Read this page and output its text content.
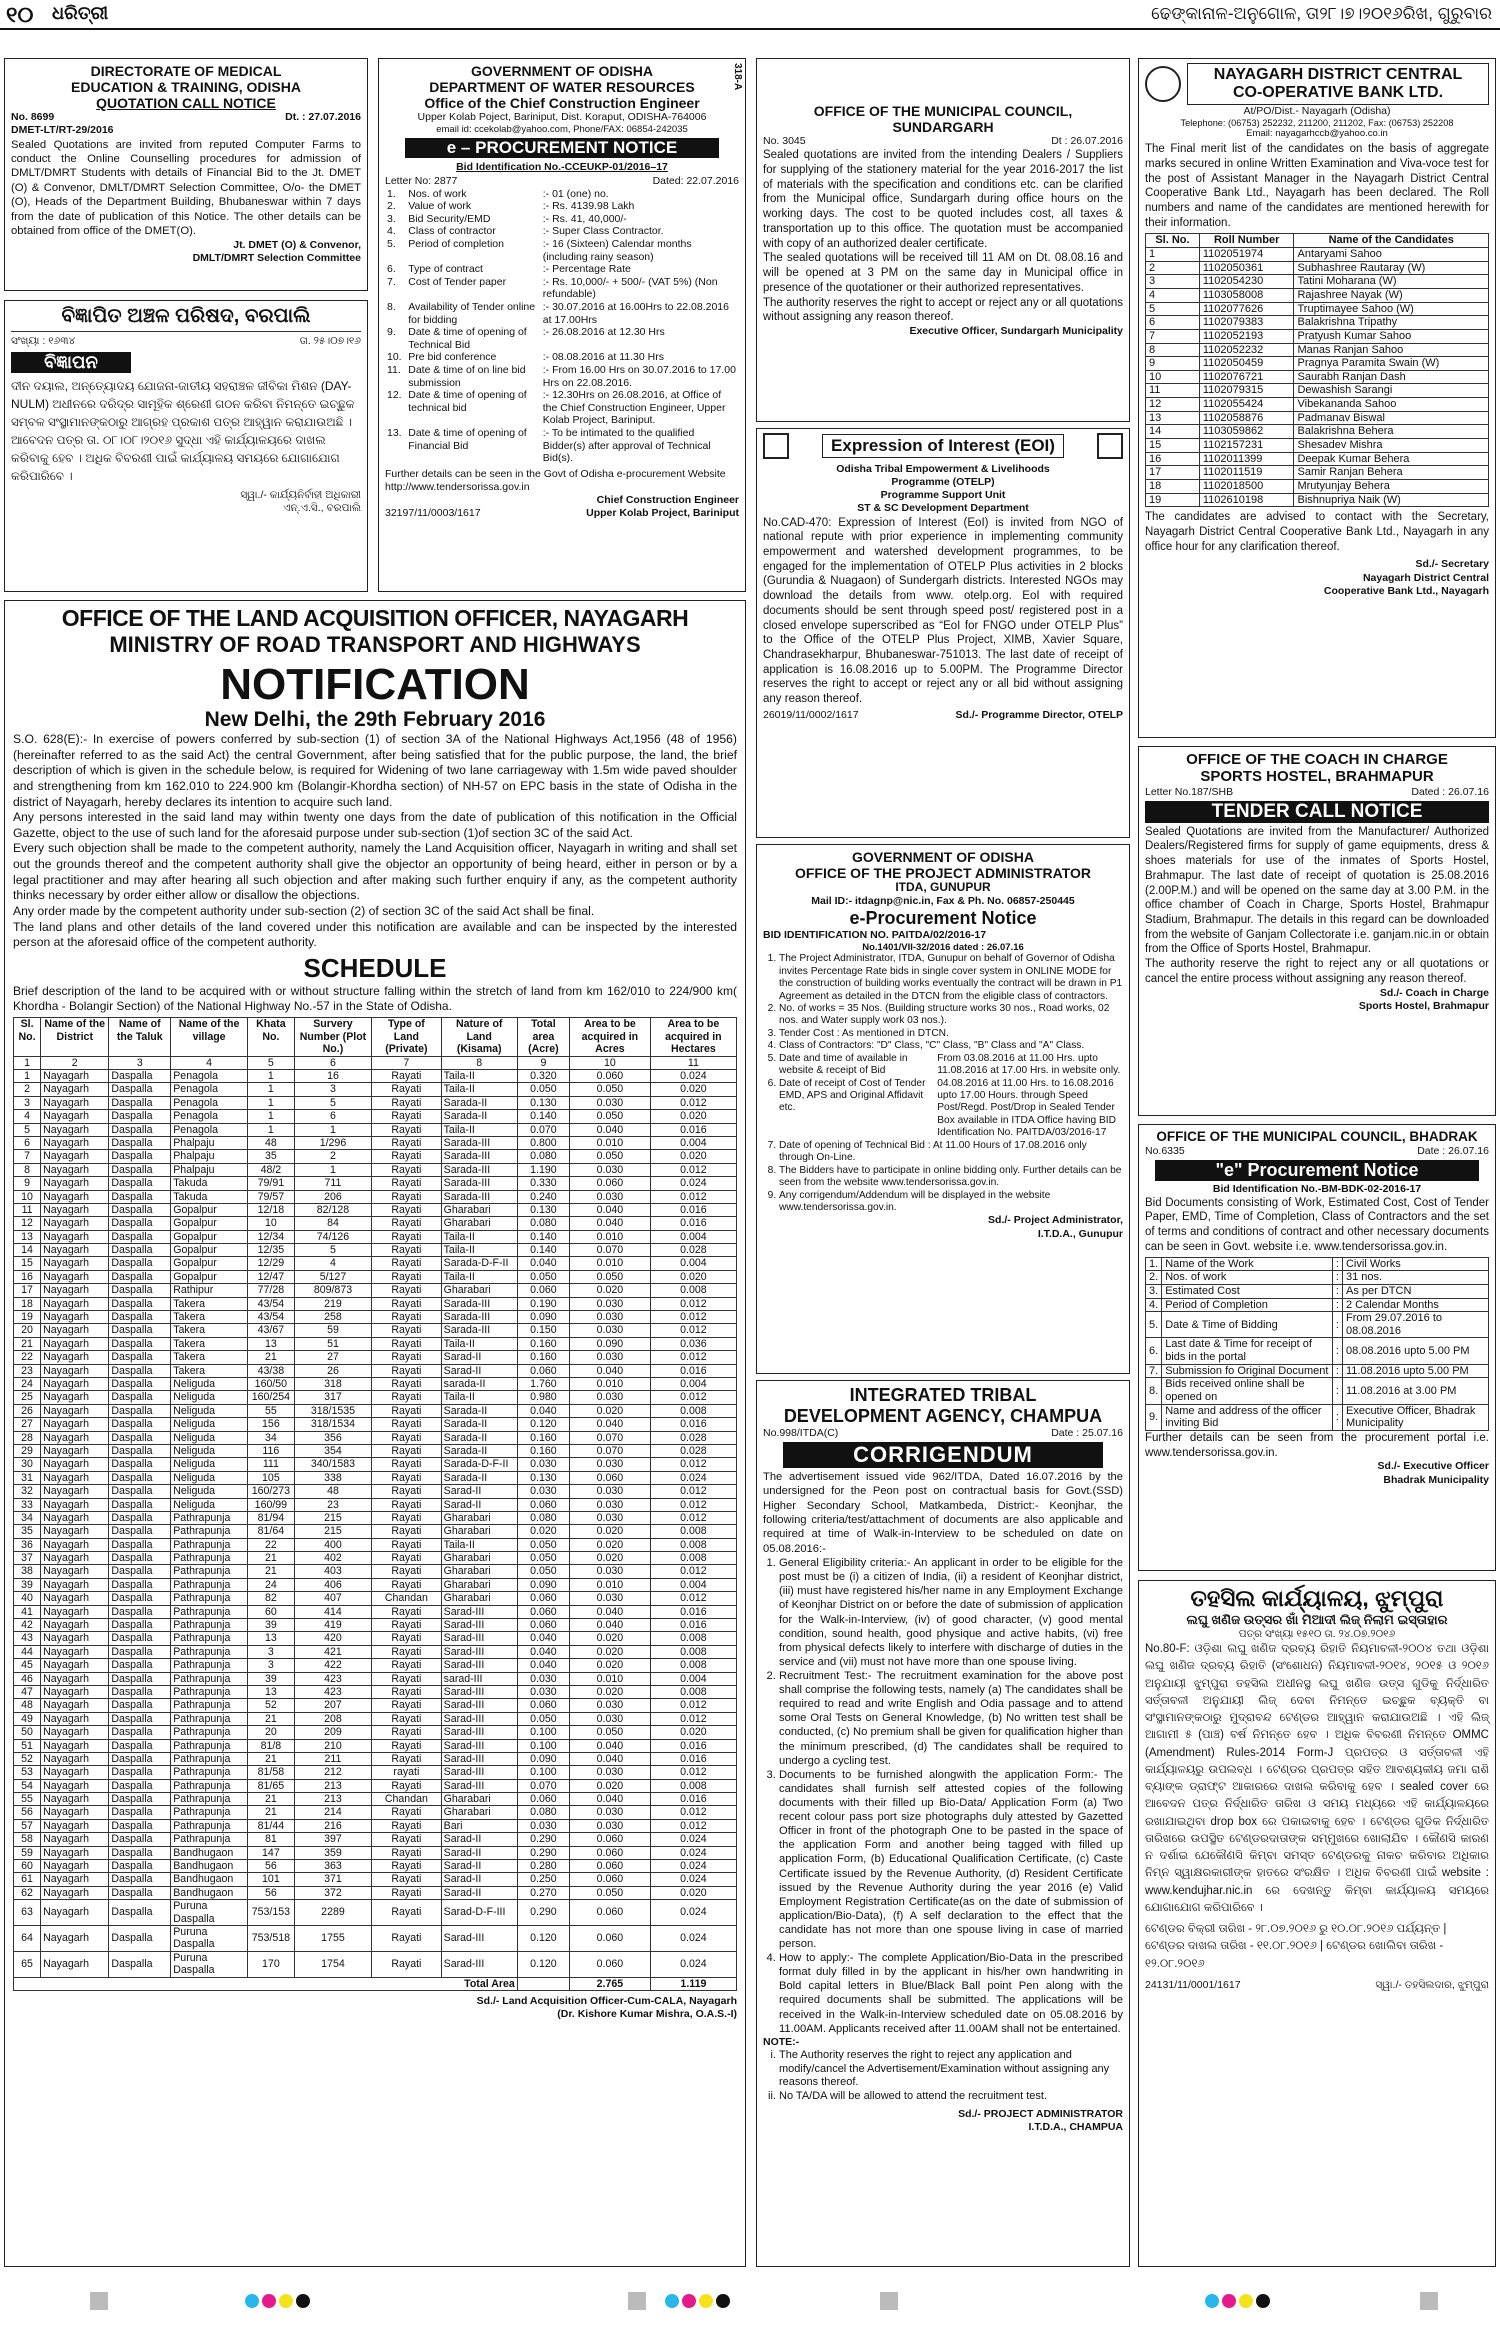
୧୦ ଧରିତ୍ରୀ	ଢେଙ୍କାନାଳ-ଅନୁଗୋଳ, ତା୨୮।୭।୨୦୧୬ରିଖ, ଗୁରୁବାର
DIRECTORATE OF MEDICAL
EDUCATION & TRAINING, ODISHA
QUOTATION CALL NOTICE
No. 8699	Dt. : 27.07.2016
DMET-LT/RT-29/2016
Sealed Quotations are invited from reputed Computer Farms to conduct the Online Counselling procedures for admission of DMLT/DMRT Students with details of Financial Bid to the Jt. DMET (O) & Convenor, DMLT/DMRT Selection Committee, O/o- the DMET (O), Heads of the Department Building, Bhubaneswar within 7 days from the date of publication of this Notice. The other details can be obtained from office of the DMET(O).
Jt. DMET (O) & Convenor,
DMLT/DMRT Selection Committee
ବିଜ୍ଞାପିତ ଅଞ୍ଚଳ ପରିଷଦ, ବରପାଲି
ସଂଖ୍ୟା : ୧୬୩୪	ତା. ୨୫।୦୭।୧୬
ବିଜ୍ଞାପନ
ଦୀନ ଦୟାଲ, ଅନ୍ତ୍ୟୋଦୟ ଯୋଜନା-ଜାତୀୟ ସହରାଞ୍ଚଳ ଜୀବିକା ମିଶନ (DAY-NULM) ଅଧୀନରେ ଦରିଦ୍ର ସାମୂହିକ ଶ୍ରେଣୀ ଗଠନ କରିବା ନିମନ୍ତେ ଇଚ୍ଛୁକ ସମ୍ବଳ ସଂସ୍ଥାମାନଙ୍କଠାରୁ ଆଗ୍ରହ ପ୍ରକାଶ ପତ୍ର ଆହ୍ୱାନ କରାଯାଉଅଛି । ଆବେଦନ ପତ୍ର ତା. ୦୮।୦୮।୨୦୧୬ ସୁଦ୍ଧା ଏହି କାର୍ଯ୍ୟାଳୟରେ ଦାଖଲ କରିବାକୁ ହେବ । ଅଧିକ ବିବରଣୀ ପାଇଁ କାର୍ଯ୍ୟାଳୟ ସମୟରେ ଯୋଗାଯୋଗ କରିପାରିବେ ।
ସ୍ୱା./- କାର୍ଯ୍ୟନିର୍ବାହୀ ଅଧିକାରୀ
ଏନ୍.ଏ.ସି., ବରପାଲି
318-A
GOVERNMENT OF ODISHA
DEPARTMENT OF WATER RESOURCES
Office of the Chief Construction Engineer
Upper Kolab Poject, Bariniput, Dist. Koraput, ODISHA-764006
email id: ccekolab@yahoo.com, Phone/FAX: 06854-242035
e – PROCUREMENT NOTICE
Bid Identification No.-CCEUKP-01/2016–17
Letter No: 2877	Dated: 22.07.2016
1.	Nos. of work	:- 01 (one) no.
2.	Value of work	:- Rs. 4139.98 Lakh
3.	Bid Security/EMD	:- Rs. 41, 40,000/-
4.	Class of contractor	:- Super Class Contractor.
5.	Period of completion	:- 16 (Sixteen) Calendar months (including rainy season)
6.	Type of contract	:- Percentage Rate
7.	Cost of Tender paper	:- Rs. 10,000/- + 500/- (VAT 5%) (Non refundable)
8.	Availability of Tender online for bidding	:- 30.07.2016 at 16.00Hrs to 22.08.2016 at 17.00Hrs
9.	Date & time of opening of Technical Bid	:- 26.08.2016 at 12.30 Hrs
10.	Pre bid conference	:- 08.08.2016 at 11.30 Hrs
11.	Date & time of on line bid submission	:- From 16.00 Hrs on 30.07.2016 to 17.00 Hrs on 22.08.2016.
12.	Date & time of opening of technical bid	:- 12.30Hrs on 26.08.2016, at Office of the Chief Construction Engineer, Upper Kolab Project, Bariniput.
13.	Date & time of opening of Financial Bid	:- To be intimated to the qualified Bidder(s) after approval of Technical Bid(s).
Further details can be seen in the Govt of Odisha e-procurement Website http://www.tendersorissa.gov.in
Chief Construction Engineer
32197/11/0003/1617	Upper Kolab Project, Bariniput
OFFICE OF THE MUNICIPAL COUNCIL, SUNDARGARH
No. 3045	Dt : 26.07.2016
Sealed quotations are invited from the intending Dealers / Suppliers for supplying of the stationery material for the year 2016-2017 the list of materials with the specification and conditions etc. can be clarified from the Municipal office, Sundargarh during office hours on the working days. The cost to be quoted includes cost, all taxes & transportation up to this office. The quotation must be accompanied with copy of an authorized dealer certificate.
The sealed quotations will be received till 11 AM on Dt. 08.08.16 and will be opened at 3 PM on the same day in Municipal office in presence of the quotationer or their authorized representatives.
The authority reserves the right to accept or reject any or all quotations without assigning any reason thereof.
Executive Officer, Sundargarh Municipality
Expression of Interest (EOI)
Odisha Tribal Empowerment & Livelihoods
Programme (OTELP)
Programme Support Unit
ST & SC Development Department
No.CAD-470: Expression of Interest (EoI) is invited from NGO of national repute with prior experience in implementing community empowerment and watershed development programmes, to be engaged for the implementation of OTELP Plus activities in 2 blocks (Gurundia & Nuagaon) of Sundergarh districts. Interested NGOs may download the details from www. otelp.org. EoI with required documents should be sent through speed post/ registered post in a closed envelope superscribed as “EoI for FNGO under OTELP Plus” to the Office of the OTELP Plus Project, XIMB, Xavier Square, Chandrasekharpur, Bhubaneswar-751013. The last date of receipt of application is 16.08.2016 up to 5.00PM. The Programme Director reserves the right to accept or reject any or all bid without assigning any reason thereof.
26019/11/0002/1617	Sd./- Programme Director, OTELP
GOVERNMENT OF ODISHA
OFFICE OF THE PROJECT ADMINISTRATOR
ITDA, GUNUPUR
Mail ID:- itdagnp@nic.in, Fax & Ph. No. 06857-250445
e-Procurement Notice
BID IDENTIFICATION NO. PAITDA/02/2016-17
No.1401/VII-32/2016 dated : 26.07.16
1. The Project Administrator, ITDA, Gunupur on behalf of Governor of Odisha invites Percentage Rate bids in single cover system in ONLINE MODE for the construction of building works eventually the contract will be drawn in P1 Agreement as detailed in the DTCN from the eligible class of contractors.
2. No. of works = 35 Nos. (Building structure works 30 nos., Road works, 02 nos. and Water supply work 03 nos.).
3. Tender Cost : As mentioned in DTCN.
4. Class of Contractors: "D" Class, "C" Class, "B" Class and "A" Class.
5. Date and time of available in website & receipt of Bid
From 03.08.2016 at 11.00 Hrs. upto 11.08.2016 at 17.00 Hrs. in website only.
6. Date of receipt of Cost of Tender EMD, APS and Original Affidavit etc.
04.08.2016 at 11.00 Hrs. to 16.08.2016 upto 17.00 Hours. through Speed Post/Regd. Post/Drop in Sealed Tender Box available in ITDA Office having BID Identification No. PAITDA/03/2016-17
7. Date of opening of Technical Bid : At 11.00 Hours of 17.08.2016 only through On-Line.
8. The Bidders have to participate in online bidding only. Further details can be seen from the website www.tendersorissa.gov.in.
9. Any corrigendum/Addendum will be displayed in the website www.tendersorissa.gov.in.
Sd./- Project Administrator,
I.T.D.A., Gunupur
INTEGRATED TRIBAL
DEVELOPMENT AGENCY, CHAMPUA
No.998/ITDA(C)	Date : 25.07.16
CORRIGENDUM
The advertisement issued vide 962/ITDA, Dated 16.07.2016 by the undersigned for the Peon post on contractual basis for Govt.(SSD) Higher Secondary School, Matkambeda, District:- Keonjhar, the following criteria/test/attachment of documents are also applicable and required at time of Walk-in-Interview to be scheduled on date on 05.08.2016:-
1. General Eligibility criteria:- An applicant in order to be eligible for the post must be (i) a citizen of India, (ii) a resident of Keonjhar district, (iii) must have registered his/her name in any Employment Exchange of Keonjhar District on or before the date of submission of application for the Walk-in-Interview, (iv) of good character, (v) good mental condition, sound health, good physique and active habits, (vi) free from physical defects likely to interfere with discharge of duties in the service and (vii) must not have more than one spouse living.
2. Recruitment Test:- The recruitment examination for the above post shall comprise the following tests, namely (a) The candidates shall be required to read and write English and Odia passage and to attend some Oral Tests on General Knowledge, (b) No written test shall be conducted, (c) No premium shall be given for qualification higher than the minimum prescribed, (d) The candidates shall be required to undergo a cycling test.
3. Documents to be furnished alongwith the application Form:- The candidates shall furnish self attested copies of the following documents with their filled up Bio-Data/ Application Form (a) Two recent colour pass port size photographs duly attested by Gazetted Officer in front of the photograph One to be pasted in the space of the application Form and another being tagged with filled up application Form, (b) Educational Qualification Certificate, (c) Caste Certificate issued by the Revenue Authority, (d) Resident Certificate issued by the Revenue Authority during the year 2016 (e) Valid Employment Registration Certificate(as on the date of submission of application/Bio-Data), (f) A self declaration to the effect that the candidate has not more than one spouse living in case of married person.
4. How to apply:- The complete Application/Bio-Data in the prescribed format duly filled in by the applicant in his/her own handwriting in Bold capital letters in Blue/Black Ball point Pen along with the required documents shall be submitted. The applications will be received in the Walk-in-Interview scheduled date on 05.08.2016 by 11.00AM. Applicants received after 11.00AM shall not be entertained.
NOTE:-
i. The Authority reserves the right to reject any application and modify/cancel the Advertisement/Examination without assigning any reasons thereof.
ii. No TA/DA will be allowed to attend the recruitment test.
Sd./- PROJECT ADMINISTRATOR
I.T.D.A., CHAMPUA
NAYAGARH DISTRICT CENTRAL
CO-OPERATIVE BANK LTD.
At/PO/Dist.- Nayagarh (Odisha)
Telephone: (06753) 252232, 211200, 211202, Fax: (06753) 252208
Email: nayagarhccb@yahoo.co.in
The Final merit list of the candidates on the basis of aggregate marks secured in online Written Examination and Viva-voce test for the post of Assistant Manager in the Nayagarh District Central Cooperative Bank Ltd., Nayagarh has been declared. The Roll numbers and name of the candidates are mentioned herewith for their information.
Sl. No.	Roll Number	Name of the Candidates
1	1102051974	Antaryami Sahoo
2	1102050361	Subhashree Rautaray (W)
3	1102054230	Tatini Moharana (W)
4	1103058008	Rajashree Nayak (W)
5	1102077626	Truptimayee Sahoo (W)
6	1102079383	Balakrishna Tripathy
7	1102052193	Pratyush Kumar Sahoo
8	1102052232	Manas Ranjan Sahoo
9	1102050459	Pragnya Paramita Swain (W)
10	1102076721	Saurabh Ranjan Dash
11	1102079315	Dewashish Sarangi
12	1102055424	Vibekananda Sahoo
13	1102058876	Padmanav Biswal
14	1103059862	Balakrishna Behera
15	1102157231	Shesadev Mishra
16	1102011399	Deepak Kumar Behera
17	1102011519	Samir Ranjan Behera
18	1102018500	Mrutyunjay Behera
19	1102610198	Bishnupriya Naik (W)
The candidates are advised to contact with the Secretary, Nayagarh District Central Cooperative Bank Ltd., Nayagarh in any office hour for any clarification thereof.
Sd./- Secretary
Nayagarh District Central
Cooperative Bank Ltd., Nayagarh
OFFICE OF THE COACH IN CHARGE
SPORTS HOSTEL, BRAHMAPUR
Letter No.187/SHB	Dated : 26.07.16
TENDER CALL NOTICE
Sealed Quotations are invited from the Manufacturer/ Authorized Dealers/Registered firms for supply of game equipments, dress & shoes materials for use of the inmates of Sports Hostel, Brahmapur. The last date of receipt of quotation is 25.08.2016 (2.00P.M.) and will be opened on the same day at 3.00 P.M. in the office chamber of Coach in Charge, Sports Hostel, Brahmapur Stadium, Brahmapur. The details in this regard can be downloaded from the website of Ganjam Collectorate i.e. ganjam.nic.in or obtain from the Office of Sports Hostel, Brahmapur.
The authority reserve the right to reject any or all quotations or cancel the entire process without assigning any reason thereof.
Sd./- Coach in Charge
Sports Hostel, Brahmapur
OFFICE OF THE MUNICIPAL COUNCIL, BHADRAK
No.6335	Date : 26.07.16
"e" Procurement Notice
Bid Identification No.-BM-BDK-02-2016-17
Bid Documents consisting of Work, Estimated Cost, Cost of Tender Paper, EMD, Time of Completion, Class of Contractors and the set of terms and conditions of contract and other necessary documents can be seen in Govt. website i.e. www.tendersorissa.gov.in.
1.	Name of the Work	:	Civil Works
2.	Nos. of work	:	31 nos.
3.	Estimated Cost	:	As per DTCN
4.	Period of Completion	:	2 Calendar Months
5.	Date & Time of Bidding	:	From 29.07.2016 to 08.08.2016
6.	Last date & Time for receipt of bids in the portal	:	08.08.2016 upto 5.00 PM
7.	Submission fo Original Document	:	11.08.2016 upto 5.00 PM
8.	Bids received online shall be opened on	:	11.08.2016 at 3.00 PM
9.	Name and address of the officer inviting Bid	:	Executive Officer, Bhadrak Municipality
Further details can be seen from the procurement portal i.e. www.tendersorissa.gov.in.
Sd./- Executive Officer
Bhadrak Municipality
ତହସିଲ କାର୍ଯ୍ୟାଳୟ, ଝୁମ୍ପୁରା
ଲଘୁ ଖଣିଜ ଉତ୍ସର ଖାଁ ମିଆଦୀ ଲିଜ୍ ନିଲାମ ଇସ୍ତାହାର
ପତ୍ର ସଂଖ୍ୟା ୧୫୧୦ ତା. ୨୪.୦୭.୨୦୧୬
No.80-F: ଓଡ଼ିଶା ଲଘୁ ଖଣିଜ ଦ୍ରବ୍ୟ ରିହାତି ନିୟମାବଳୀ-୨୦୦୪ ତଥା ଓଡ଼ିଶା ଲଘୁ ଖଣିଜ ଦ୍ରବ୍ୟ ରିହାତି (ସଂଶୋଧନ) ନିୟମାବଳୀ-୨୦୧୪, ୨୦୧୫ ଓ ୨୦୧୬ ଅନୁଯାୟୀ ଝୁମ୍ପୁରା ତହସିଲ ଅଧୀନସ୍ଥ ଲଘୁ ଖଣିଜ ଉତ୍ସ ଗୁଡିକୁ ନିର୍ଦ୍ଧାରିତ ସର୍ତ୍ତାବଳୀ ଅନୁଯାୟୀ ଲିଜ୍ ଦେବା ନିମନ୍ତେ ଇଚ୍ଛୁକ ବ୍ୟକ୍ତି ବା ସଂସ୍ଥାମାନଙ୍କଠାରୁ ମୁଦ୍ରାବନ୍ଦ ଟେଣ୍ଡର ଆହ୍ୱାନ କରାଯାଉଅଛି । ଏହି ଲିଜ୍ ଆଗାମୀ ୫ (ପାଞ୍ଚ) ବର୍ଷ ନିମନ୍ତେ ହେବ । ଅଧିକ ବିବରଣୀ ନିମନ୍ତେ OMMC (Amendment) Rules-2014 Form-J ପ୍ରପତ୍ର ଓ ସର୍ତ୍ତାବଳୀ ଏହି କାର୍ଯ୍ୟାଳୟରୁ ଉପଲବ୍ଧ । ଟେଣ୍ଡର ପ୍ରପତ୍ର ସହିତ ଆବଶ୍ୟକୀୟ ଜମା ରାଶି ବ୍ୟାଙ୍କ ଡ୍ରାଫ୍ଟ ଆକାରରେ ଦାଖଲ କରିବାକୁ ହେବ । sealed cover ରେ ଆବେଦନ ପତ୍ର ନିର୍ଦ୍ଧାରିତ ତାରିଖ ଓ ସମୟ ମଧ୍ୟରେ ଏହି କାର୍ଯ୍ୟାଳୟରେ ରଖାଯାଇଥିବା drop box ରେ ପକାଇବାକୁ ହେବ । ଟେଣ୍ଡର ଗୁଡିକ ନିର୍ଦ୍ଧାରିତ ତାରିଖରେ ଉପସ୍ଥିତ ଟେଣ୍ଡରଦାତାଙ୍କ ସମ୍ମୁଖରେ ଖୋଲାଯିବ । କୌଣସି କାରଣ ନ ଦର୍ଶାଇ ଯେକୌଣସି କିମ୍ବା ସମସ୍ତ ଟେଣ୍ଡରକୁ ନାକଚ କରିବାର ଅଧିକାର ନିମ୍ନ ସ୍ୱାକ୍ଷରକାରୀଙ୍କ ହାତରେ ସଂରକ୍ଷିତ । ଅଧିକ ବିବରଣୀ ପାଇଁ website : www.kendujhar.nic.in ରେ ଦେଖନ୍ତୁ କିମ୍ବା କାର୍ଯ୍ୟାଳୟ ସମୟରେ ଯୋଗାଯୋଗ କରିପାରିବେ ।
ଟେଣ୍ଡର ବିକ୍ରୀ ତାରିଖ - ୨୮.୦୭.୨୦୧୬ ରୁ ୧୦.୦୮.୨୦୧୬ ପର୍ଯ୍ୟନ୍ତ | ଟେଣ୍ଡର ଦାଖଲ ତାରିଖ - ୧୧.୦୮.୨୦୧୬ | ଟେଣ୍ଡର ଖୋଲିବା ତାରିଖ - ୧୨.୦୮.୨୦୧୬
24131/11/0001/1617	ସ୍ୱା./- ତହସିଲଦାର, ଝୁମ୍ପୁରା
OFFICE OF THE LAND ACQUISITION OFFICER, NAYAGARH
MINISTRY OF ROAD TRANSPORT AND HIGHWAYS
NOTIFICATION
New Delhi, the 29th February 2016
S.O. 628(E):- In exercise of powers conferred by sub-section (1) of section 3A of the National Highways Act,1956 (48 of 1956) (hereinafter referred to as the said Act) the central Government, after being satisfied that for the public purpose, the land, the brief description of which is given in the schedule below, is required for Widening of two lane carriageway with 1.5m wide paved shoulder and strengthening from km 162.010 to 224.900 km (Bolangir-Khordha section) of NH-57 on EPC basis in the state of Odisha in the district of Nayagarh, hereby declares its intention to acquire such land.
Any persons interested in the said land may within twenty one days from the date of publication of this notification in the Official Gazette, object to the use of such land for the aforesaid purpose under sub-section (1)of section 3C of the said Act.
Every such objection shall be made to the competent authority, namely the Land Acquisition officer, Nayagarh in writing and shall set out the grounds thereof and the competent authority shall give the objector an opportunity of being heard, either in person or by a legal practitioner and may after hearing all such objection and after making such further enquiry if any, as the competent authority thinks necessary by order either allow or disallow the objections.
Any order made by the competent authority under sub-section (2) of section 3C of the said Act shall be final.
The land plans and other details of the land covered under this notification are available and can be inspected by the interested person at the aforesaid office of the competent authority.
SCHEDULE
Brief description of the land to be acquired with or without structure falling within the stretch of land from km 162/010 to 224/900 km( Khordha - Bolangir Section) of the National Highway No.-57 in the State of Odisha.
Sl. No.	Name of the District	Name of the Taluk	Name of the village	Khata No.	Survery Number (Plot No.)	Type of Land (Private)	Nature of Land (Kisama)	Total area (Acre)	Area to be acquired in Acres	Area to be acquired in Hectares
1	2	3	4	5	6	7	8	9	10	11
1	Nayagarh	Daspalla	Penagola	1	16	Rayati	Taila-II	0.320	0.060	0.024
2	Nayagarh	Daspalla	Penagola	1	3	Rayati	Taila-II	0.050	0.050	0.020
3	Nayagarh	Daspalla	Penagola	1	5	Rayati	Sarada-II	0.130	0.030	0.012
4	Nayagarh	Daspalla	Penagola	1	6	Rayati	Sarada-II	0.140	0.050	0.020
5	Nayagarh	Daspalla	Penagola	1	1	Rayati	Taila-II	0.070	0.040	0.016
6	Nayagarh	Daspalla	Phalpaju	48	1/296	Rayati	Sarada-III	0.800	0.010	0.004
7	Nayagarh	Daspalla	Phalpaju	35	2	Rayati	Sarada-III	0.080	0.050	0.020
8	Nayagarh	Daspalla	Phalpaju	48/2	1	Rayati	Sarada-III	1.190	0.030	0.012
9	Nayagarh	Daspalla	Takuda	79/91	711	Rayati	Sarada-III	0.330	0.060	0.024
10	Nayagarh	Daspalla	Takuda	79/57	206	Rayati	Sarada-III	0.240	0.030	0.012
11	Nayagarh	Daspalla	Gopalpur	12/18	82/128	Rayati	Gharabari	0.130	0.040	0.016
12	Nayagarh	Daspalla	Gopalpur	10	84	Rayati	Gharabari	0.080	0.040	0.016
13	Nayagarh	Daspalla	Gopalpur	12/34	74/126	Rayati	Taila-II	0.140	0.010	0.004
14	Nayagarh	Daspalla	Gopalpur	12/35	5	Rayati	Taila-II	0.140	0.070	0.028
15	Nayagarh	Daspalla	Gopalpur	12/29	4	Rayati	Sarada-D-F-II	0.040	0.010	0.004
16	Nayagarh	Daspalla	Gopalpur	12/47	5/127	Rayati	Taila-II	0.050	0.050	0.020
17	Nayagarh	Daspalla	Rathipur	77/28	809/873	Rayati	Gharabari	0.060	0.020	0.008
18	Nayagarh	Daspalla	Takera	43/54	219	Rayati	Sarada-III	0.190	0.030	0.012
19	Nayagarh	Daspalla	Takera	43/54	258	Rayati	Sarada-III	0.090	0.030	0.012
20	Nayagarh	Daspalla	Takera	43/67	59	Rayati	Sarada-III	0.150	0.030	0.012
21	Nayagarh	Daspalla	Takera	13	51	Rayati	Taila-II	0.160	0.090	0.036
22	Nayagarh	Daspalla	Takera	21	27	Rayati	Sarad-II	0.160	0.030	0.012
23	Nayagarh	Daspalla	Takera	43/38	26	Rayati	Sarad-II	0.060	0.040	0.016
24	Nayagarh	Daspalla	Neliguda	160/50	318	Rayati	sarada-II	1.760	0.010	0.004
25	Nayagarh	Daspalla	Neliguda	160/254	317	Rayati	Taila-II	0.980	0.030	0.012
26	Nayagarh	Daspalla	Neliguda	55	318/1535	Rayati	Sarada-II	0.040	0.020	0.008
27	Nayagarh	Daspalla	Neliguda	156	318/1534	Rayati	Sarada-II	0.120	0.040	0.016
28	Nayagarh	Daspalla	Neliguda	34	356	Rayati	Sarada-II	0.160	0.070	0.028
29	Nayagarh	Daspalla	Neliguda	116	354	Rayati	Sarada-II	0.160	0.070	0.028
30	Nayagarh	Daspalla	Neliguda	111	340/1583	Rayati	Sarada-D-F-II	0.030	0.030	0.012
31	Nayagarh	Daspalla	Neliguda	105	338	Rayati	Sarada-II	0.130	0.060	0.024
32	Nayagarh	Daspalla	Neliguda	160/273	48	Rayati	Sarad-II	0.030	0.030	0.012
33	Nayagarh	Daspalla	Neliguda	160/99	23	Rayati	Sarad-II	0.060	0.030	0.012
34	Nayagarh	Daspalla	Pathrapunja	81/94	215	Rayati	Gharabari	0.080	0.030	0.012
35	Nayagarh	Daspalla	Pathrapunja	81/64	215	Rayati	Gharabari	0.020	0.020	0.008
36	Nayagarh	Daspalla	Pathrapunja	22	400	Rayati	Taila-II	0.050	0.020	0.008
37	Nayagarh	Daspalla	Pathrapunja	21	402	Rayati	Gharabari	0.050	0.020	0.008
38	Nayagarh	Daspalla	Pathrapunja	21	403	Rayati	Gharabari	0.050	0.030	0.012
39	Nayagarh	Daspalla	Pathrapunja	24	406	Rayati	Gharabari	0.090	0.010	0.004
40	Nayagarh	Daspalla	Pathrapunja	82	407	Chandan	Gharabari	0.060	0.030	0.012
41	Nayagarh	Daspalla	Pathrapunja	60	414	Rayati	Sarad-III	0.060	0.040	0.016
42	Nayagarh	Daspalla	Pathrapunja	39	419	Rayati	Sarad-III	0.060	0.040	0.016
43	Nayagarh	Daspalla	Pathrapunja	13	420	Rayati	Sarad-III	0.040	0.020	0.008
44	Nayagarh	Daspalla	Pathrapunja	3	421	Rayati	Sarad-III	0.040	0.020	0.008
45	Nayagarh	Daspalla	Pathrapunja	3	422	Rayati	Sarad-III	0.040	0.020	0.008
46	Nayagarh	Daspalla	Pathrapunja	39	423	Rayati	sarad-III	0.030	0.010	0.004
47	Nayagarh	Daspalla	Pathrapunja	13	423	Rayati	Sarad-III	0.030	0.020	0.008
48	Nayagarh	Daspalla	Pathrapunja	52	207	Rayati	Sarad-III	0.060	0.030	0.012
49	Nayagarh	Daspalla	Pathrapunja	21	208	Rayati	Sarad-III	0.050	0.030	0.012
50	Nayagarh	Daspalla	Pathrapunja	20	209	Rayati	Sarad-III	0.100	0.050	0.020
51	Nayagarh	Daspalla	Pathrapunja	81/8	210	Rayati	Sarad-III	0.100	0.040	0.016
52	Nayagarh	Daspalla	Pathrapunja	21	211	Rayati	Sarad-III	0.090	0.040	0.016
53	Nayagarh	Daspalla	Pathrapunja	81/58	212	rayati	Sarad-III	0.100	0.030	0.012
54	Nayagarh	Daspalla	Pathrapunja	81/65	213	Rayati	Sarad-III	0.070	0.020	0.008
55	Nayagarh	Daspalla	Pathrapunja	21	213	Chandan	Gharabari	0.060	0.040	0.016
56	Nayagarh	Daspalla	Pathrapunja	21	214	Rayati	Gharabari	0.080	0.030	0.012
57	Nayagarh	Daspalla	Pathrapunja	81/44	216	Rayati	Bari	0.030	0.030	0.012
58	Nayagarh	Daspalla	Pathrapunja	81	397	Rayati	Sarad-II	0.290	0.060	0.024
59	Nayagarh	Daspalla	Bandhugaon	147	359	Rayati	Sarad-II	0.290	0.060	0.024
60	Nayagarh	Daspalla	Bandhugaon	56	363	Rayati	Sarad-II	0.280	0.060	0.024
61	Nayagarh	Daspalla	Bandhugaon	101	371	Rayati	Sarad-II	0.250	0.060	0.024
62	Nayagarh	Daspalla	Bandhugaon	56	372	Rayati	Sarad-II	0.270	0.050	0.020
63	Nayagarh	Daspalla	Puruna Daspalla	753/153	2289	Rayati	Sarad-D-F-III	0.290	0.060	0.024
64	Nayagarh	Daspalla	Puruna Daspalla	753/518	1755	Rayati	Sarad-III	0.120	0.060	0.024
65	Nayagarh	Daspalla	Puruna Daspalla	170	1754	Rayati	Sarad-III	0.120	0.060	0.024
Total Area									2.765	1.119
Sd./- Land Acquisition Officer-Cum-CALA, Nayagarh
(Dr. Kishore Kumar Mishra, O.A.S.-I)
